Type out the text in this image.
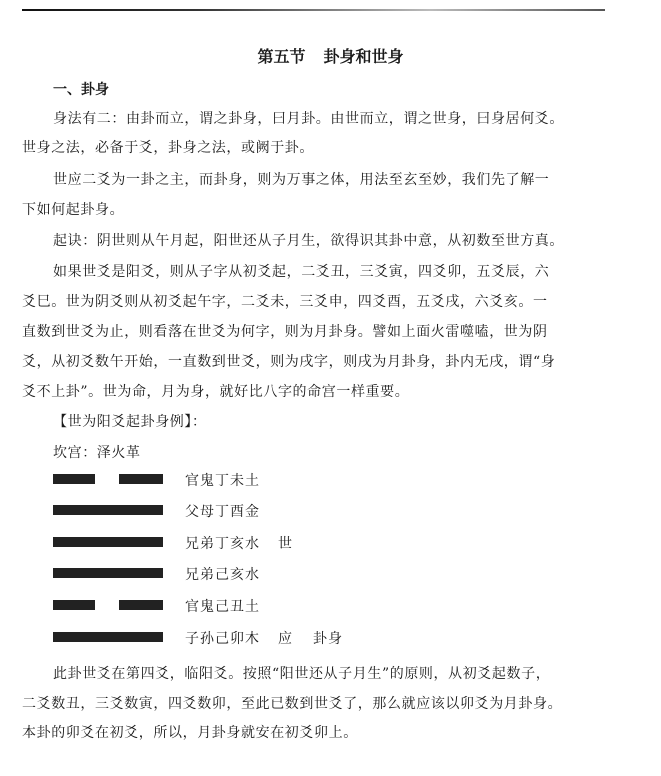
第五节 卦身和世身
一、卦身
身法有二：由卦而立，谓之卦身，曰月卦。由世而立，谓之世身，曰身居何爻。
世身之法，必备于爻，卦身之法，或阙于卦。
世应二爻为一卦之主，而卦身，则为万事之体，用法至玄至妙，我们先了解一
下如何起卦身。
起诀：阴世则从午月起，阳世还从子月生，欲得识其卦中意，从初数至世方真。
如果世爻是阳爻，则从子字从初爻起，二爻丑，三爻寅，四爻卯，五爻辰，六
爻巳。世为阴爻则从初爻起午字，二爻未，三爻申，四爻酉，五爻戌，六爻亥。一
直数到世爻为止，则看落在世爻为何字，则为月卦身。譬如上面火雷噬嗑，世为阴
爻，从初爻数午开始，一直数到世爻，则为戌字，则戌为月卦身，卦内无戌，谓“身
爻不上卦”。世为命，月为身，就好比八字的命宫一样重要。
【世为阳爻起卦身例】：
坎宫：泽火革
官鬼丁未土
父母丁酉金
兄弟丁亥水 世
兄弟己亥水
官鬼己丑土
子孙己卯木 应 卦身
此卦世爻在第四爻，临阳爻。按照“阳世还从子月生”的原则，从初爻起数子，
二爻数丑，三爻数寅，四爻数卯，至此已数到世爻了，那么就应该以卯爻为月卦身。
本卦的卯爻在初爻，所以，月卦身就安在初爻卯上。
